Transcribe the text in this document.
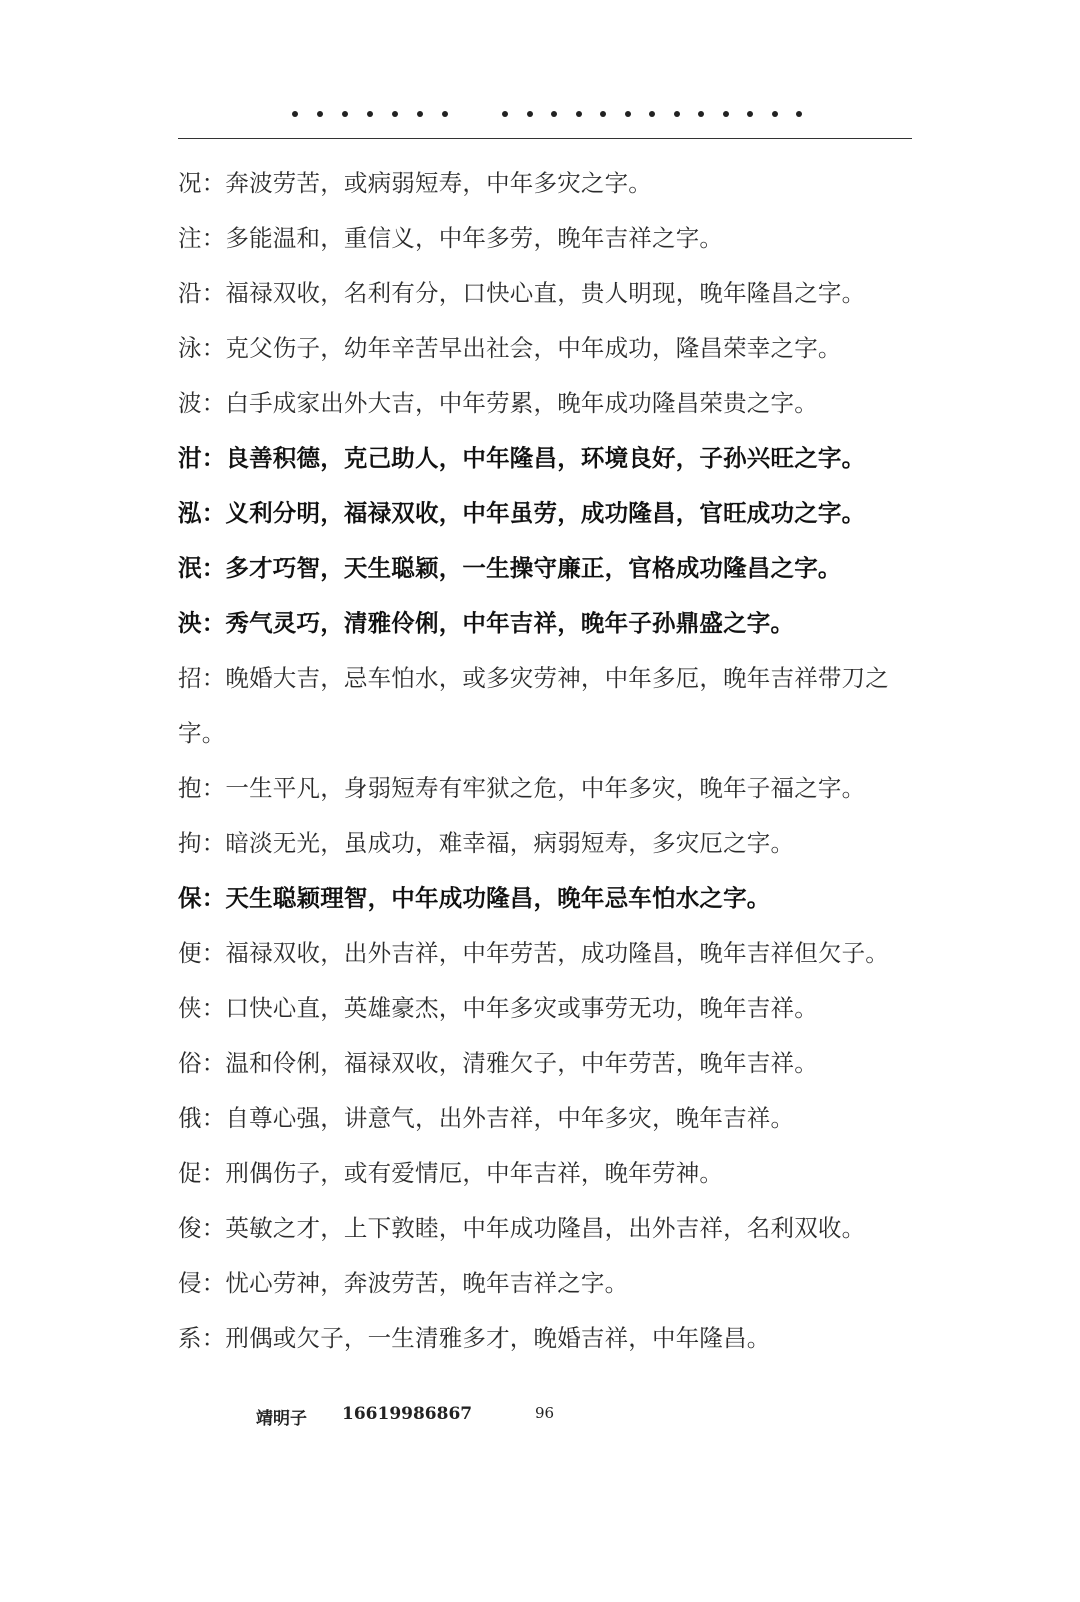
况：奔波劳苦，或病弱短寿，中年多灾之字。
注：多能温和，重信义，中年多劳，晚年吉祥之字。
沿：福禄双收，名利有分，口快心直，贵人明现，晚年隆昌之字。
泳：克父伤子，幼年辛苦早出社会，中年成功，隆昌荣幸之字。
波：白手成家出外大吉，中年劳累，晚年成功隆昌荣贵之字。
泔：良善积德，克己助人，中年隆昌，环境良好，子孙兴旺之字。
泓：义利分明，福禄双收，中年虽劳，成功隆昌，官旺成功之字。
泯：多才巧智，天生聪颖，一生操守廉正，官格成功隆昌之字。
泱：秀气灵巧，清雅伶俐，中年吉祥，晚年子孙鼎盛之字。
招：晚婚大吉，忌车怕水，或多灾劳神，中年多厄，晚年吉祥带刀之字。
抱：一生平凡，身弱短寿有牢狱之危，中年多灾，晚年子福之字。
拘：暗淡无光，虽成功，难幸福，病弱短寿，多灾厄之字。
保：天生聪颖理智，中年成功隆昌，晚年忌车怕水之字。
便：福禄双收，出外吉祥，中年劳苦，成功隆昌，晚年吉祥但欠子。
侠：口快心直，英雄豪杰，中年多灾或事劳无功，晚年吉祥。
俗：温和伶俐，福禄双收，清雅欠子，中年劳苦，晚年吉祥。
俄：自尊心强，讲意气，出外吉祥，中年多灾，晚年吉祥。
促：刑偶伤子，或有爱情厄，中年吉祥，晚年劳神。
俊：英敏之才，上下敦睦，中年成功隆昌，出外吉祥，名利双收。
侵：忧心劳神，奔波劳苦，晚年吉祥之字。
系：刑偶或欠子，一生清雅多才，晚婚吉祥，中年隆昌。
靖明子 16619986867	96
